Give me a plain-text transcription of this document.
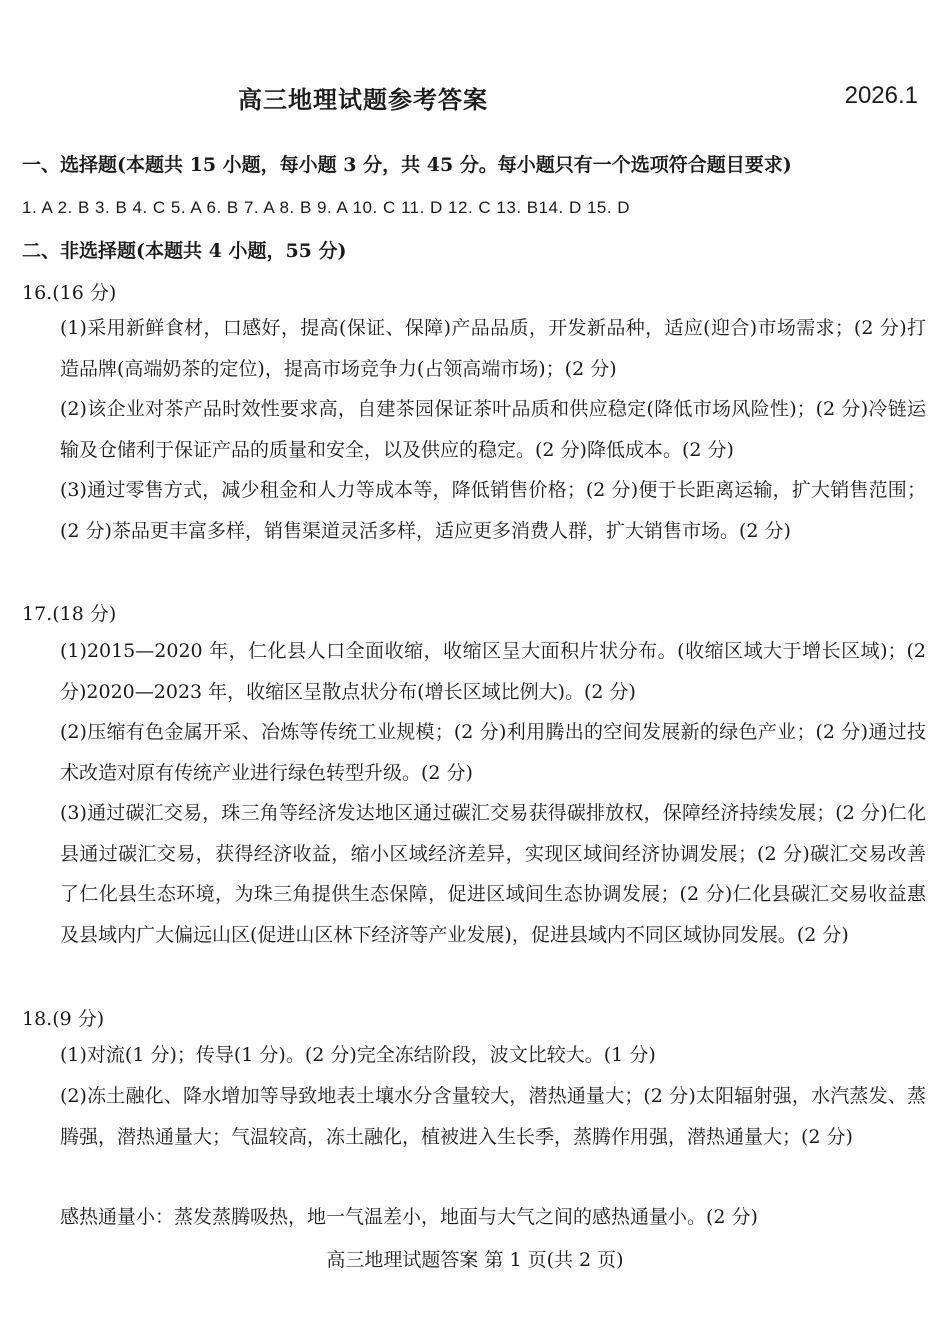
高三地理试题参考答案	2026.1
一、选择题(本题共 15 小题，每小题 3 分，共 45 分。每小题只有一个选项符合题目要求)
1. A 2. B 3. B 4. C 5. A 6. B 7. A 8. B 9. A 10. C 11. D 12. C 13. B14. D 15. D
二、非选择题(本题共 4 小题，55 分)
16.(16 分)
(1)采用新鲜食材，口感好，提高(保证、保障)产品品质，开发新品种，适应(迎合)市场需求；(2 分)打造品牌(高端奶茶的定位)，提高市场竞争力(占领高端市场)；(2 分)
(2)该企业对茶产品时效性要求高，自建茶园保证茶叶品质和供应稳定(降低市场风险性)；(2 分)冷链运输及仓储利于保证产品的质量和安全，以及供应的稳定。(2 分)降低成本。(2 分)
(3)通过零售方式，减少租金和人力等成本等，降低销售价格；(2 分)便于长距离运输，扩大销售范围；(2 分)茶品更丰富多样，销售渠道灵活多样，适应更多消费人群，扩大销售市场。(2 分)
17.(18 分)
(1)2015—2020 年，仁化县人口全面收缩，收缩区呈大面积片状分布。(收缩区域大于增长区域)；(2 分)2020—2023 年，收缩区呈散点状分布(增长区域比例大)。(2 分)
(2)压缩有色金属开采、冶炼等传统工业规模；(2 分)利用腾出的空间发展新的绿色产业；(2 分)通过技术改造对原有传统产业进行绿色转型升级。(2 分)
(3)通过碳汇交易，珠三角等经济发达地区通过碳汇交易获得碳排放权，保障经济持续发展；(2 分)仁化县通过碳汇交易，获得经济收益，缩小区域经济差异，实现区域间经济协调发展；(2 分)碳汇交易改善了仁化县生态环境，为珠三角提供生态保障，促进区域间生态协调发展；(2 分)仁化县碳汇交易收益惠及县域内广大偏远山区(促进山区林下经济等产业发展)，促进县域内不同区域协同发展。(2 分)
18.(9 分)
(1)对流(1 分)；传导(1 分)。(2 分)完全冻结阶段，波文比较大。(1 分)
(2)冻土融化、降水增加等导致地表土壤水分含量较大，潜热通量大；(2 分)太阳辐射强，水汽蒸发、蒸腾强，潜热通量大；气温较高，冻土融化，植被进入生长季，蒸腾作用强，潜热通量大；(2 分)
感热通量小：蒸发蒸腾吸热，地一气温差小，地面与大气之间的感热通量小。(2 分)
高三地理试题答案 第 1 页(共 2 页)
